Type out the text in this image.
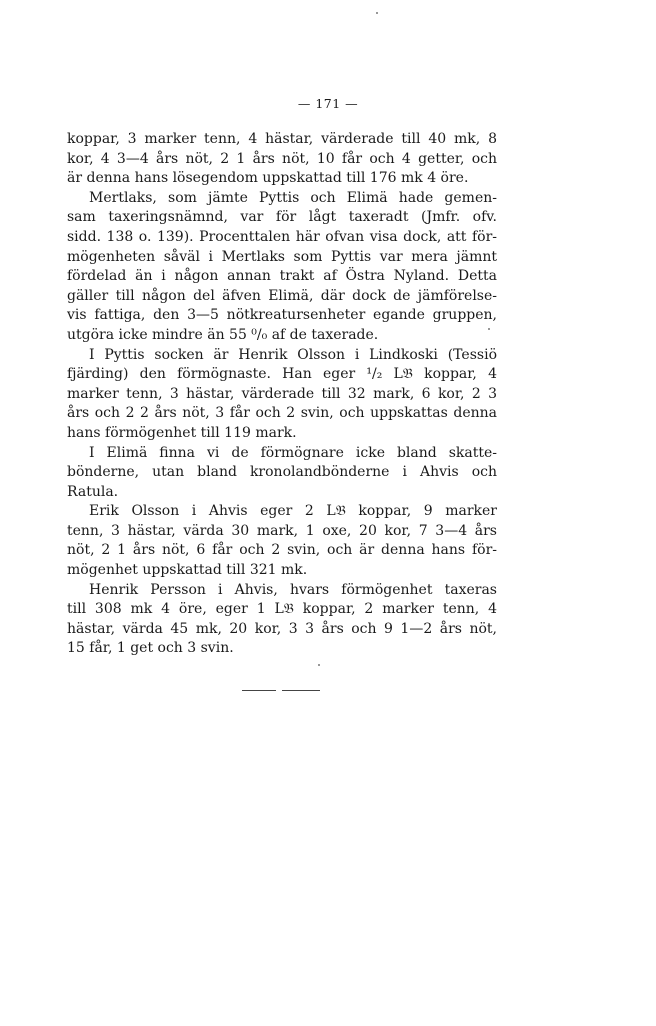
— 171 —
koppar, 3 marker tenn, 4 hästar, värderade till 40 mk, 8
kor, 4 3—4 års nöt, 2 1 års nöt, 10 får och 4 getter, och
är denna hans lösegendom uppskattad till 176 mk 4 öre.
Mertlaks, som jämte Pyttis och Elimä hade gemen-
sam taxeringsnämnd, var för lågt taxeradt (Jmfr. ofv.
sidd. 138 o. 139). Procenttalen här ofvan visa dock, att för-
mögenheten såväl i Mertlaks som Pyttis var mera jämnt
fördelad än i någon annan trakt af Östra Nyland. Detta
gäller till någon del äfven Elimä, där dock de jämförelse-
vis fattiga, den 3—5 nötkreatursenheter egande gruppen,
utgöra icke mindre än 55 ⁰/₀ af de taxerade.
I Pyttis socken är Henrik Olsson i Lindkoski (Tessiö
fjärding) den förmögnaste. Han eger ¹/₂ L𝔅 koppar, 4
marker tenn, 3 hästar, värderade till 32 mark, 6 kor, 2 3
års och 2 2 års nöt, 3 får och 2 svin, och uppskattas denna
hans förmögenhet till 119 mark.
I Elimä finna vi de förmögnare icke bland skatte-
bönderne, utan bland kronolandbönderne i Ahvis och
Ratula.
Erik Olsson i Ahvis eger 2 L𝔅 koppar, 9 marker
tenn, 3 hästar, värda 30 mark, 1 oxe, 20 kor, 7 3—4 års
nöt, 2 1 års nöt, 6 får och 2 svin, och är denna hans för-
mögenhet uppskattad till 321 mk.
Henrik Persson i Ahvis, hvars förmögenhet taxeras
till 308 mk 4 öre, eger 1 L𝔅 koppar, 2 marker tenn, 4
hästar, värda 45 mk, 20 kor, 3 3 års och 9 1—2 års nöt,
15 får, 1 get och 3 svin.
